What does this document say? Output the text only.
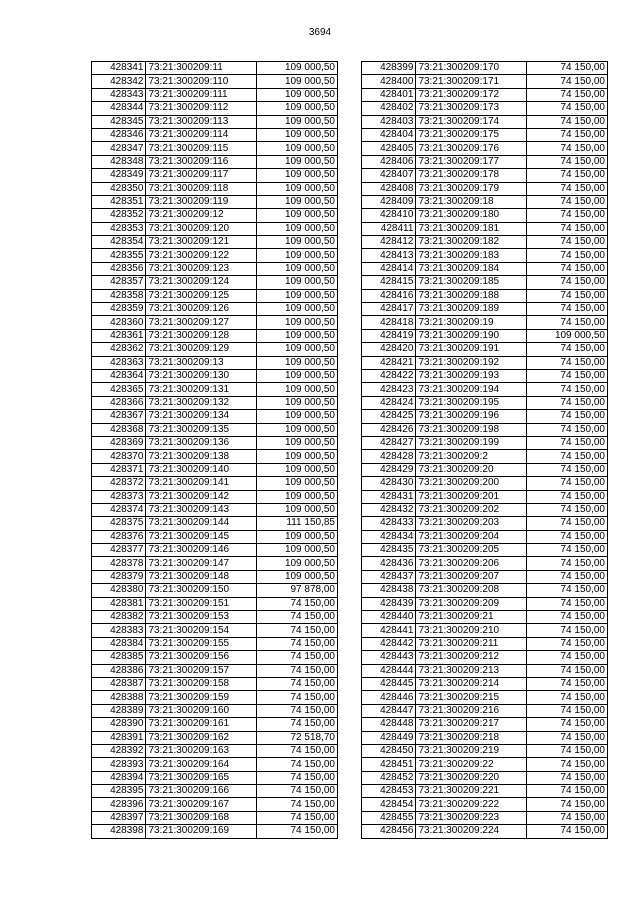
3694
428341	73:21:300209:11	109 000,50
428342	73:21:300209:110	109 000,50
428343	73:21:300209:111	109 000,50
428344	73:21:300209:112	109 000,50
428345	73:21:300209:113	109 000,50
428346	73:21:300209:114	109 000,50
428347	73:21:300209:115	109 000,50
428348	73:21:300209:116	109 000,50
428349	73:21:300209:117	109 000,50
428350	73:21:300209:118	109 000,50
428351	73:21:300209:119	109 000,50
428352	73:21:300209:12	109 000,50
428353	73:21:300209:120	109 000,50
428354	73:21:300209:121	109 000,50
428355	73:21:300209:122	109 000,50
428356	73:21:300209:123	109 000,50
428357	73:21:300209:124	109 000,50
428358	73:21:300209:125	109 000,50
428359	73:21:300209:126	109 000,50
428360	73:21:300209:127	109 000,50
428361	73:21:300209:128	109 000,50
428362	73:21:300209:129	109 000,50
428363	73:21:300209:13	109 000,50
428364	73:21:300209:130	109 000,50
428365	73:21:300209:131	109 000,50
428366	73:21:300209:132	109 000,50
428367	73:21:300209:134	109 000,50
428368	73:21:300209:135	109 000,50
428369	73:21:300209:136	109 000,50
428370	73:21:300209:138	109 000,50
428371	73:21:300209:140	109 000,50
428372	73:21:300209:141	109 000,50
428373	73:21:300209:142	109 000,50
428374	73:21:300209:143	109 000,50
428375	73:21:300209:144	111 150,85
428376	73:21:300209:145	109 000,50
428377	73:21:300209:146	109 000,50
428378	73:21:300209:147	109 000,50
428379	73:21:300209:148	109 000,50
428380	73:21:300209:150	97 878,00
428381	73:21:300209:151	74 150,00
428382	73:21:300209:153	74 150,00
428383	73:21:300209:154	74 150,00
428384	73:21:300209:155	74 150,00
428385	73:21:300209:156	74 150,00
428386	73:21:300209:157	74 150,00
428387	73:21:300209:158	74 150,00
428388	73:21:300209:159	74 150,00
428389	73:21:300209:160	74 150,00
428390	73:21:300209:161	74 150,00
428391	73:21:300209:162	72 518,70
428392	73:21:300209:163	74 150,00
428393	73:21:300209:164	74 150,00
428394	73:21:300209:165	74 150,00
428395	73:21:300209:166	74 150,00
428396	73:21:300209:167	74 150,00
428397	73:21:300209:168	74 150,00
428398	73:21:300209:169	74 150,00
428399	73:21:300209:170	74 150,00
428400	73:21:300209:171	74 150,00
428401	73:21:300209:172	74 150,00
428402	73:21:300209:173	74 150,00
428403	73:21:300209:174	74 150,00
428404	73:21:300209:175	74 150,00
428405	73:21:300209:176	74 150,00
428406	73:21:300209:177	74 150,00
428407	73:21:300209:178	74 150,00
428408	73:21:300209:179	74 150,00
428409	73:21:300209:18	74 150,00
428410	73:21:300209:180	74 150,00
428411	73:21:300209:181	74 150,00
428412	73:21:300209:182	74 150,00
428413	73:21:300209:183	74 150,00
428414	73:21:300209:184	74 150,00
428415	73:21:300209:185	74 150,00
428416	73:21:300209:188	74 150,00
428417	73:21:300209:189	74 150,00
428418	73:21:300209:19	74 150,00
428419	73:21:300209:190	109 000,50
428420	73:21:300209:191	74 150,00
428421	73:21:300209:192	74 150,00
428422	73:21:300209:193	74 150,00
428423	73:21:300209:194	74 150,00
428424	73:21:300209:195	74 150,00
428425	73:21:300209:196	74 150,00
428426	73:21:300209:198	74 150,00
428427	73:21:300209:199	74 150,00
428428	73:21:300209:2	74 150,00
428429	73:21:300209:20	74 150,00
428430	73:21:300209:200	74 150,00
428431	73:21:300209:201	74 150,00
428432	73:21:300209:202	74 150,00
428433	73:21:300209:203	74 150,00
428434	73:21:300209:204	74 150,00
428435	73:21:300209:205	74 150,00
428436	73:21:300209:206	74 150,00
428437	73:21:300209:207	74 150,00
428438	73:21:300209:208	74 150,00
428439	73:21:300209:209	74 150,00
428440	73:21:300209:21	74 150,00
428441	73:21:300209:210	74 150,00
428442	73:21:300209:211	74 150,00
428443	73:21:300209:212	74 150,00
428444	73:21:300209:213	74 150,00
428445	73:21:300209:214	74 150,00
428446	73:21:300209:215	74 150,00
428447	73:21:300209:216	74 150,00
428448	73:21:300209:217	74 150,00
428449	73:21:300209:218	74 150,00
428450	73:21:300209:219	74 150,00
428451	73:21:300209:22	74 150,00
428452	73:21:300209:220	74 150,00
428453	73:21:300209:221	74 150,00
428454	73:21:300209:222	74 150,00
428455	73:21:300209:223	74 150,00
428456	73:21:300209:224	74 150,00
